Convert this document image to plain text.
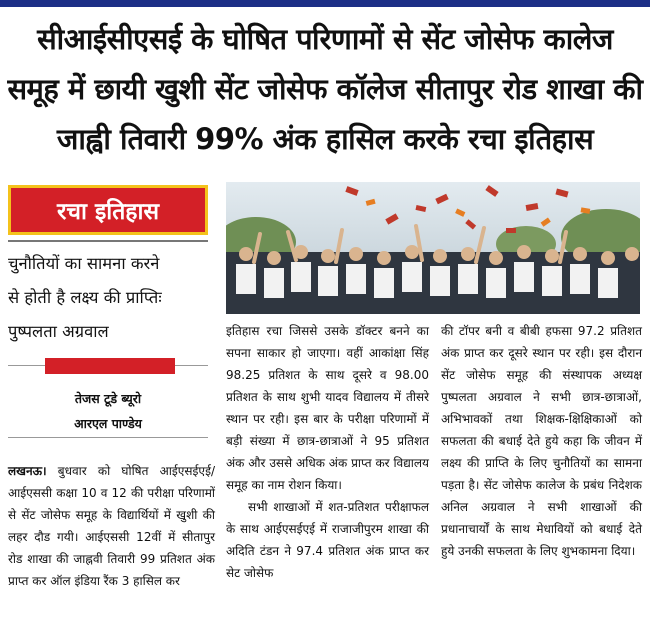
सीआईसीएसई के घोषित परिणामों से सेंट जोसेफ कालेज
समूह में छायी खुशी सेंट जोसेफ कॉलेज सीतापुर रोड शाखा की
जाह्वी तिवारी 99% अंक हासिल करके रचा इतिहास
रचा इतिहास
चुनौतियों का सामना करने
से होती है लक्ष्य की प्राप्तिः
पुष्पलता अग्रवाल
तेजस टूडे ब्यूरो
आरएल पाण्डेय

लखनऊ। बुधवार को घोषित आईएसईएई/आईएससी कक्षा 10 व 12 की परीक्षा परिणामों से सेंट जोसेफ समूह के विद्यार्थियों में खुशी की लहर दौड गयी। आईएससी 12वीं में सीतापुर रोड शाखा की जाह्नवी तिवारी 99 प्रतिशत अंक प्राप्त कर ऑल इंडिया रैंक 3 हासिल कर

इतिहास रचा जिससे उसके डॉक्टर बनने का सपना साकार हो जाएगा। वहीं आकांक्षा सिंह 98.25 प्रतिशत के साथ दूसरे व 98.00 प्रतिशत के साथ शुभी यादव विद्यालय में तीसरे स्थान पर रही। इस बार के परीक्षा परिणामों में बड़ी संख्या में छात्र-छात्राओं ने 95 प्रतिशत अंक और उससे अधिक अंक प्राप्त कर विद्यालय समूह का नाम रोशन किया।

सभी शाखाओं में शत-प्रतिशत परीक्षाफल के साथ आईएसईएई में राजाजीपुरम शाखा की अदिति टंडन ने 97.4 प्रतिशत अंक प्राप्त कर सेट जोसेफ

की टॉपर बनी व बीबी हफसा 97.2 प्रतिशत अंक प्राप्त कर दूसरे स्थान पर रही। इस दौरान सेंट जोसेफ समूह की संस्थापक अध्यक्ष पुष्पलता अग्रवाल ने सभी छात्र-छात्राओं, अभिभावकों तथा शिक्षक-क्षिक्षिकाओं को सफलता की बधाई देते हुये कहा कि जीवन में लक्ष्य की प्राप्ति के लिए चुनौतियों का सामना पड़ता है। सेंट जोसेफ कालेज के प्रबंध निदेशक अनिल अग्रवाल ने सभी शाखाओं की प्रधानाचार्यों के साथ मेधावियों को बधाई देते हुये उनकी सफलता के लिए शुभकामना दिया।
